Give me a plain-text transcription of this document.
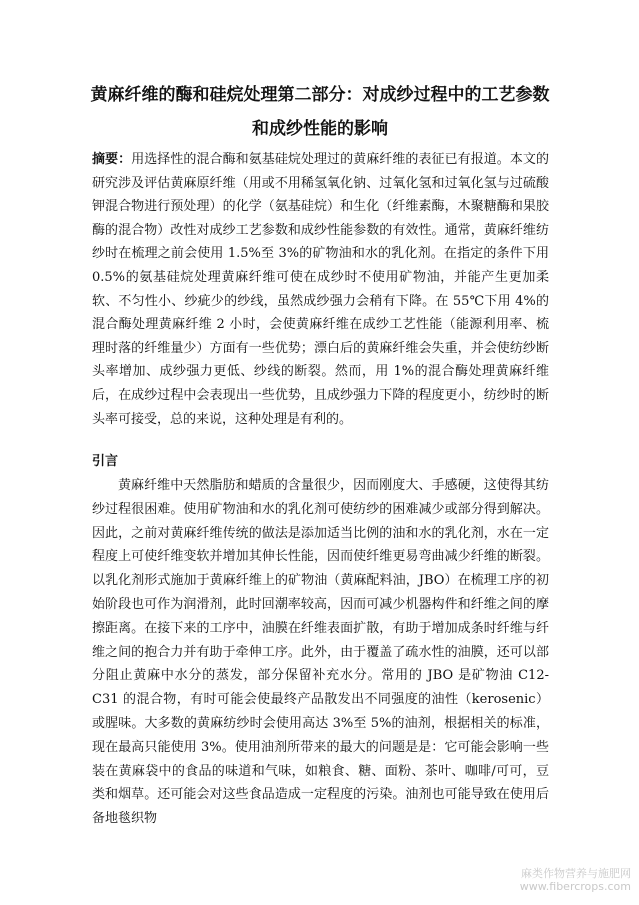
黄麻纤维的酶和硅烷处理第二部分：对成纱过程中的工艺参数和成纱性能的影响

摘要：用选择性的混合酶和氨基硅烷处理过的黄麻纤维的表征已有报道。本文的研究涉及评估黄麻原纤维（用或不用稀氢氧化钠、过氧化氢和过氧化氢与过硫酸钾混合物进行预处理）的化学（氨基硅烷）和生化（纤维素酶，木聚糖酶和果胶酶的混合物）改性对成纱工艺参数和成纱性能参数的有效性。通常，黄麻纤维纺纱时在梳理之前会使用 1.5%至 3%的矿物油和水的乳化剂。在指定的条件下用 0.5%的氨基硅烷处理黄麻纤维可使在成纱时不使用矿物油，并能产生更加柔软、不匀性小、纱疵少的纱线，虽然成纱强力会稍有下降。在 55℃下用 4%的混合酶处理黄麻纤维 2 小时，会使黄麻纤维在成纱工艺性能（能源利用率、梳理时落的纤维量少）方面有一些优势；漂白后的黄麻纤维会失重，并会使纺纱断头率增加、成纱强力更低、纱线的断裂。然而，用 1%的混合酶处理黄麻纤维后，在成纱过程中会表现出一些优势，且成纱强力下降的程度更小，纺纱时的断头率可接受，总的来说，这种处理是有利的。

引言

黄麻纤维中天然脂肪和蜡质的含量很少，因而刚度大、手感硬，这使得其纺纱过程很困难。使用矿物油和水的乳化剂可使纺纱的困难减少或部分得到解决。因此，之前对黄麻纤维传统的做法是添加适当比例的油和水的乳化剂，水在一定程度上可使纤维变软并增加其伸长性能，因而使纤维更易弯曲减少纤维的断裂。以乳化剂形式施加于黄麻纤维上的矿物油（黄麻配料油，JBO）在梳理工序的初始阶段也可作为润滑剂，此时回潮率较高，因而可减少机器构件和纤维之间的摩擦距离。在接下来的工序中，油膜在纤维表面扩散，有助于增加成条时纤维与纤维之间的抱合力并有助于牵伸工序。此外，由于覆盖了疏水性的油膜，还可以部分阻止黄麻中水分的蒸发，部分保留补充水分。常用的 JBO 是矿物油 C12- C31 的混合物，有时可能会使最终产品散发出不同强度的油性（kerosenic）或腥味。大多数的黄麻纺纱时会使用高达 3%至 5%的油剂，根据相关的标准，现在最高只能使用 3%。使用油剂所带来的最大的问题是是：它可能会影响一些装在黄麻袋中的食品的味道和气味，如粮食、糖、面粉、茶叶、咖啡/可可，豆类和烟草。还可能会对这些食品造成一定程度的污染。油剂也可能导致在使用后备地毯织物

麻类作物营养与施肥网
www.fibercrops.com
